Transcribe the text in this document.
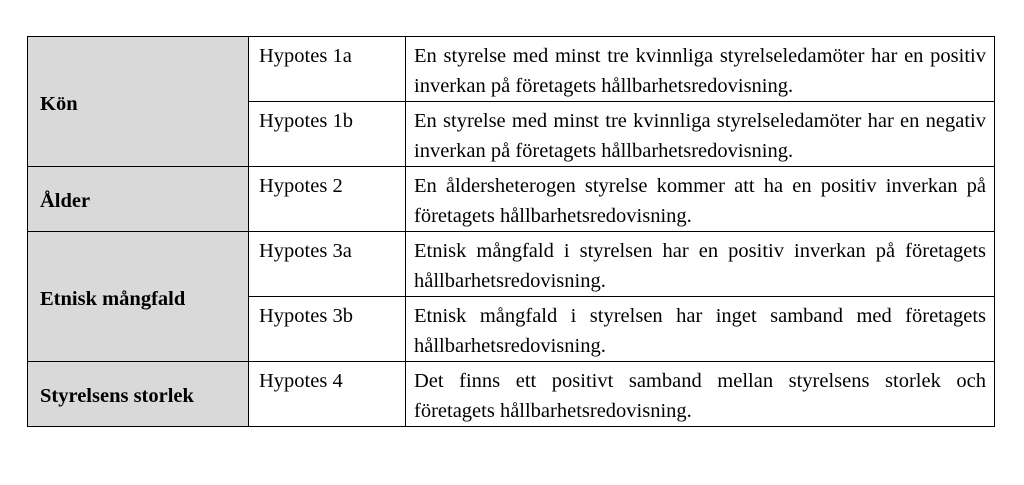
Kön	Hypotes 1a	En styrelse med minst tre kvinnliga styrelseledamöter har en positiv inverkan på företagets hållbarhetsredovisning.
	Hypotes 1b	En styrelse med minst tre kvinnliga styrelseledamöter har en negativ inverkan på företagets hållbarhetsredovisning.
Ålder	Hypotes 2	En åldersheterogen styrelse kommer att ha en positiv inverkan på företagets hållbarhetsredovisning.
Etnisk mångfald	Hypotes 3a	Etnisk mångfald i styrelsen har en positiv inverkan på företagets hållbarhetsredovisning.
	Hypotes 3b	Etnisk mångfald i styrelsen har inget samband med företagets hållbarhetsredovisning.
Styrelsens storlek	Hypotes 4	Det finns ett positivt samband mellan styrelsens storlek och företagets hållbarhetsredovisning.
